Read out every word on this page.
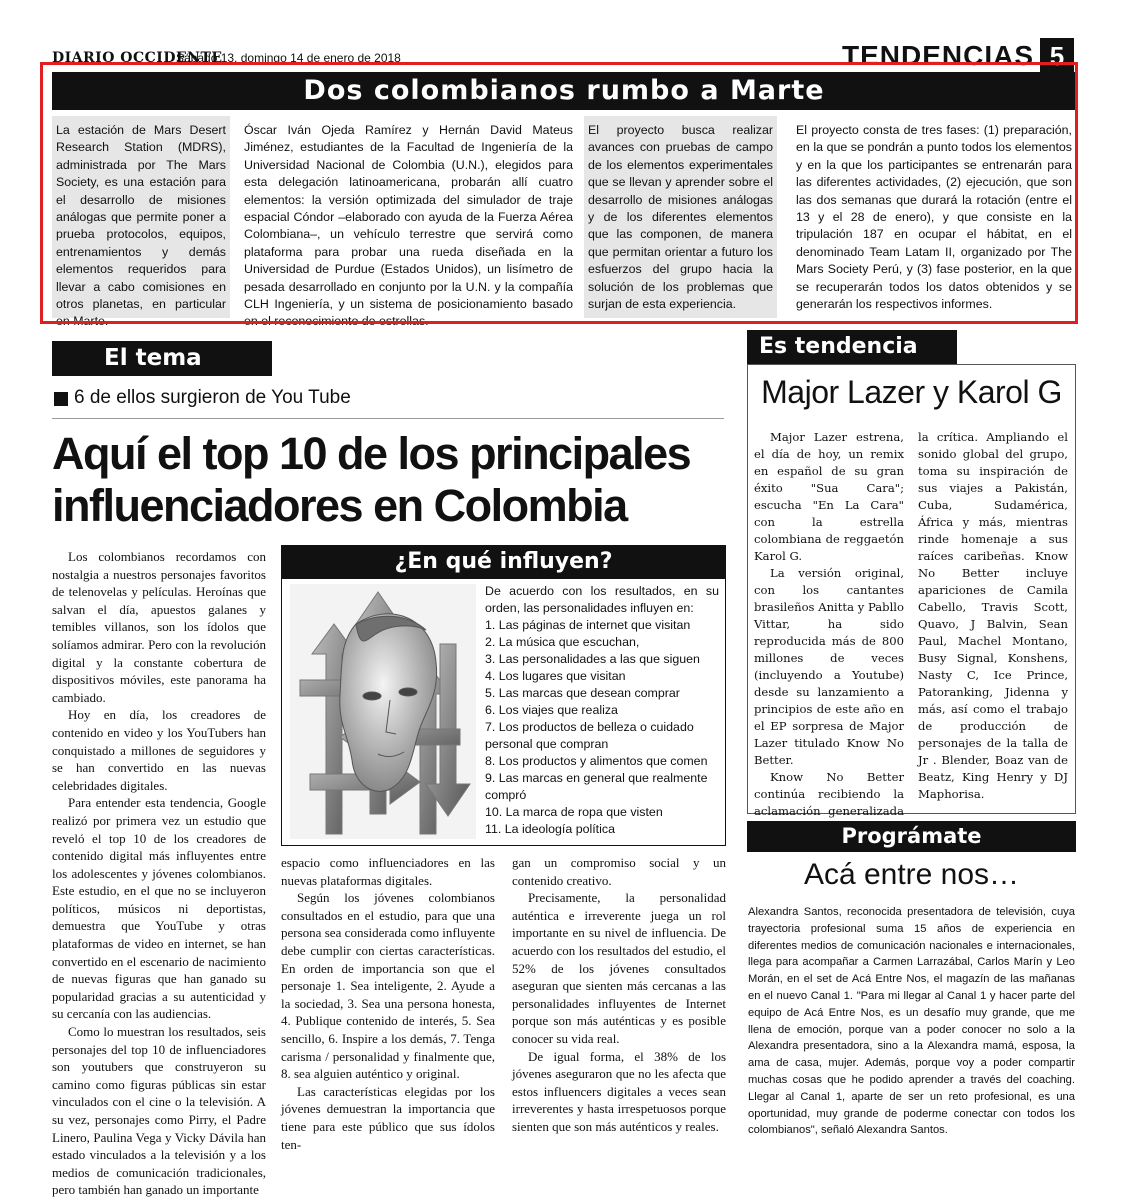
DIARIO OCCIDENTE
Sábado 13, domingo 14 de enero de 2018	TENDENCIAS 5
Dos colombianos rumbo a Marte
La estación de Mars Desert Research Station (MDRS), administrada por The Mars Society, es una estación para el desarrollo de misiones análogas que permite poner a prueba protocolos, equipos, entrenamientos y demás elementos requeridos para llevar a cabo comisiones en otros planetas, en particular en Marte.
Óscar Iván Ojeda Ramírez y Hernán David Mateus Jiménez, estudiantes de la Facultad de Ingeniería de la Universidad Nacional de Colombia (U.N.), elegidos para esta delegación latinoamericana, probarán allí cuatro elementos: la versión optimizada del simulador de traje espacial Cóndor –elaborado con ayuda de la Fuerza Aérea Colombiana–, un vehículo terrestre que servirá como plataforma para probar una rueda diseñada en la Universidad de Purdue (Estados Unidos), un lisímetro de pesada desarrollado en conjunto por la U.N. y la compañía CLH Ingeniería, y un sistema de posicionamiento basado en el reconocimiento de estrellas.
El proyecto busca realizar avances con pruebas de campo de los elementos experimentales que se llevan y aprender sobre el desarrollo de misiones análogas y de los diferentes elementos que las componen, de manera que permitan orientar a futuro los esfuerzos del grupo hacia la solución de los problemas que surjan de esta experiencia.
El proyecto consta de tres fases: (1) preparación, en la que se pondrán a punto todos los elementos y en la que los participantes se entrenarán para las diferentes actividades, (2) ejecución, que son las dos semanas que durará la rotación (entre el 13 y el 28 de enero), y que consiste en la tripulación 187 en ocupar el hábitat, en el denominado Team Latam II, organizado por The Mars Society Perú, y (3) fase posterior, en la que se recuperarán todos los datos obtenidos y se generarán los respectivos informes.
El tema
6 de ellos surgieron de You Tube
Aquí el top 10 de los principales influenciadores en Colombia

Los colombianos recordamos con nostalgia a nuestros personajes favoritos de telenovelas y películas. Heroínas que salvan el día, apuestos galanes y temibles villanos, son los ídolos que solíamos admirar. Pero con la revolución digital y la constante cobertura de dispositivos móviles, este panorama ha cambiado.

Hoy en día, los creadores de contenido en video y los YouTubers han conquistado a millones de seguidores y se han convertido en las nuevas celebridades digitales.

Para entender esta tendencia, Google realizó por primera vez un estudio que reveló el top 10 de los creadores de contenido digital más influyentes entre los adolescentes y jóvenes colombianos. Este estudio, en el que no se incluyeron políticos, músicos ni deportistas, demuestra que YouTube y otras plataformas de video en internet, se han convertido en el escenario de nacimiento de nuevas figuras que han ganado su popularidad gracias a su autenticidad y su cercanía con las audiencias.

Como lo muestran los resultados, seis personajes del top 10 de influenciadores son youtubers que construyeron su camino como figuras públicas sin estar vinculados con el cine o la televisión. A su vez, personajes como Pirry, el Padre Linero, Paulina Vega y Vicky Dávila han estado vinculados a la televisión y a los medios de comunicación tradicionales, pero también han ganado un importante

espacio como influenciadores en las nuevas plataformas digitales.

Según los jóvenes colombianos consultados en el estudio, para que una persona sea considerada como influyente debe cumplir con ciertas características. En orden de importancia son que el personaje 1. Sea inteligente, 2. Ayude a la sociedad, 3. Sea una persona honesta, 4. Publique contenido de interés, 5. Sea sencillo, 6. Inspire a los demás, 7. Tenga carisma / personalidad y finalmente que, 8. sea alguien auténtico y original.

Las características elegidas por los jóvenes demuestran la importancia que tiene para este público que sus ídolos ten-

gan un compromiso social y un contenido creativo.

Precisamente, la personalidad auténtica e irreverente juega un rol importante en su nivel de influencia. De acuerdo con los resultados del estudio, el 52% de los jóvenes consultados aseguran que sienten más cercanas a las personalidades influyentes de Internet porque son más auténticas y es posible conocer su vida real.

De igual forma, el 38% de los jóvenes aseguraron que no les afecta que estos influencers digitales a veces sean irreverentes y hasta irrespetuosos porque sienten que son más auténticos y reales.

¿En qué influyen?
De acuerdo con los resultados, en su orden, las personalidades influyen en:
1. Las páginas de internet que visitan
2. La música que escuchan,
3. Las personalidades a las que siguen
4. Los lugares que visitan
5. Las marcas que desean comprar
6. Los viajes que realiza
7. Los productos de belleza o cuidado personal que compran
8. Los productos y alimentos que comen
9. Las marcas en general que realmente compró
10. La marca de ropa que visten
11. La ideología política
Es tendencia
Major Lazer y Karol G

Major Lazer estrena, el día de hoy, un remix en español de su gran éxito "Sua Cara"; escucha "En La Cara" con la estrella colombiana de reggaetón Karol G.

La versión original, con los cantantes brasileños Anitta y Pabllo Vittar, ha sido reproducida más de 800 millones de veces (incluyendo a Youtube) desde su lanzamiento a principios de este año en el EP sorpresa de Major Lazer titulado Know No Better.

Know No Better continúa recibiendo la aclamación generalizada

la crítica. Ampliando el sonido global del grupo, toma su inspiración de sus viajes a Pakistán, Cuba, Sudamérica, África y más, mientras rinde homenaje a sus raíces caribeñas. Know No Better incluye apariciones de Camila Cabello, Travis Scott, Quavo, J Balvin, Sean Paul, Machel Montano, Busy Signal, Konshens, Nasty C, Ice Prince, Patoranking, Jidenna y más, así como el trabajo de producción de personajes de la talla de Jr . Blender, Boaz van de Beatz, King Henry y DJ Maphorisa.
Prográmate
Acá entre nos…
Alexandra Santos, reconocida presentadora de televisión, cuya trayectoria profesional suma 15 años de experiencia en diferentes medios de comunicación nacionales e internacionales, llega para acompañar a Carmen Larrazábal, Carlos Marín y Leo Morán, en el set de Acá Entre Nos, el magazín de las mañanas en el nuevo Canal 1. "Para mi llegar al Canal 1 y hacer parte del equipo de Acá Entre Nos, es un desafío muy grande, que me llena de emoción, porque van a poder conocer no solo a la Alexandra presentadora, sino a la Alexandra mamá, esposa, la ama de casa, mujer. Además, porque voy a poder compartir muchas cosas que he podido aprender a través del coaching. Llegar al Canal 1, aparte de ser un reto profesional, es una oportunidad, muy grande de poderme conectar con todos los colombianos", señaló Alexandra Santos.
